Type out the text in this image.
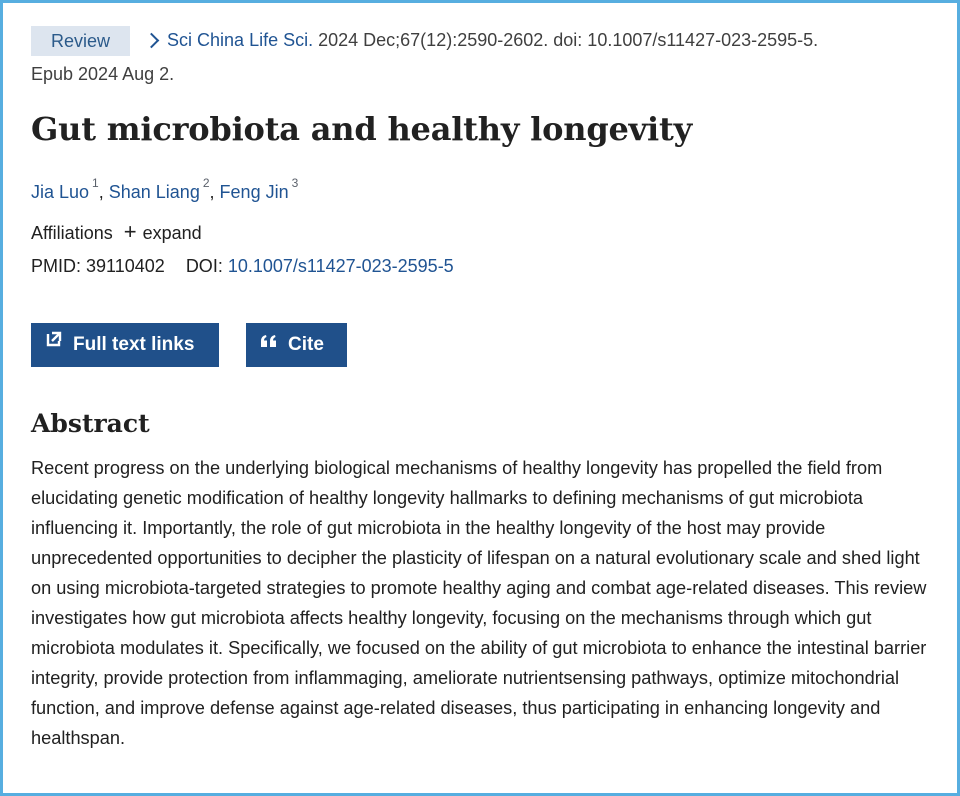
Review	Sci China Life Sci. 2024 Dec;67(12):2590-2602. doi: 10.1007/s11427-023-2595-5.
Epub 2024 Aug 2.
Gut microbiota and healthy longevity
Jia Luo $^1$, Shan Liang $^2$, Feng Jin $^3$
Affiliations + expand
PMID: 39110402 DOI: 10.1007/s11427-023-2595-5
Full text links	Cite
Abstract
Recent progress on the underlying biological mechanisms of healthy longevity has propelled the field from elucidating genetic modification of healthy longevity hallmarks to defining mechanisms of gut microbiota influencing it. Importantly, the role of gut microbiota in the healthy longevity of the host may provide unprecedented opportunities to decipher the plasticity of lifespan on a natural evolutionary scale and shed light on using microbiota-targeted strategies to promote healthy aging and combat age-related diseases. This review investigates how gut microbiota affects healthy longevity, focusing on the mechanisms through which gut microbiota modulates it. Specifically, we focused on the ability of gut microbiota to enhance the intestinal barrier integrity, provide protection from inflammaging, ameliorate nutrientsensing pathways, optimize mitochondrial function, and improve defense against age-related diseases, thus participating in enhancing longevity and healthspan.
